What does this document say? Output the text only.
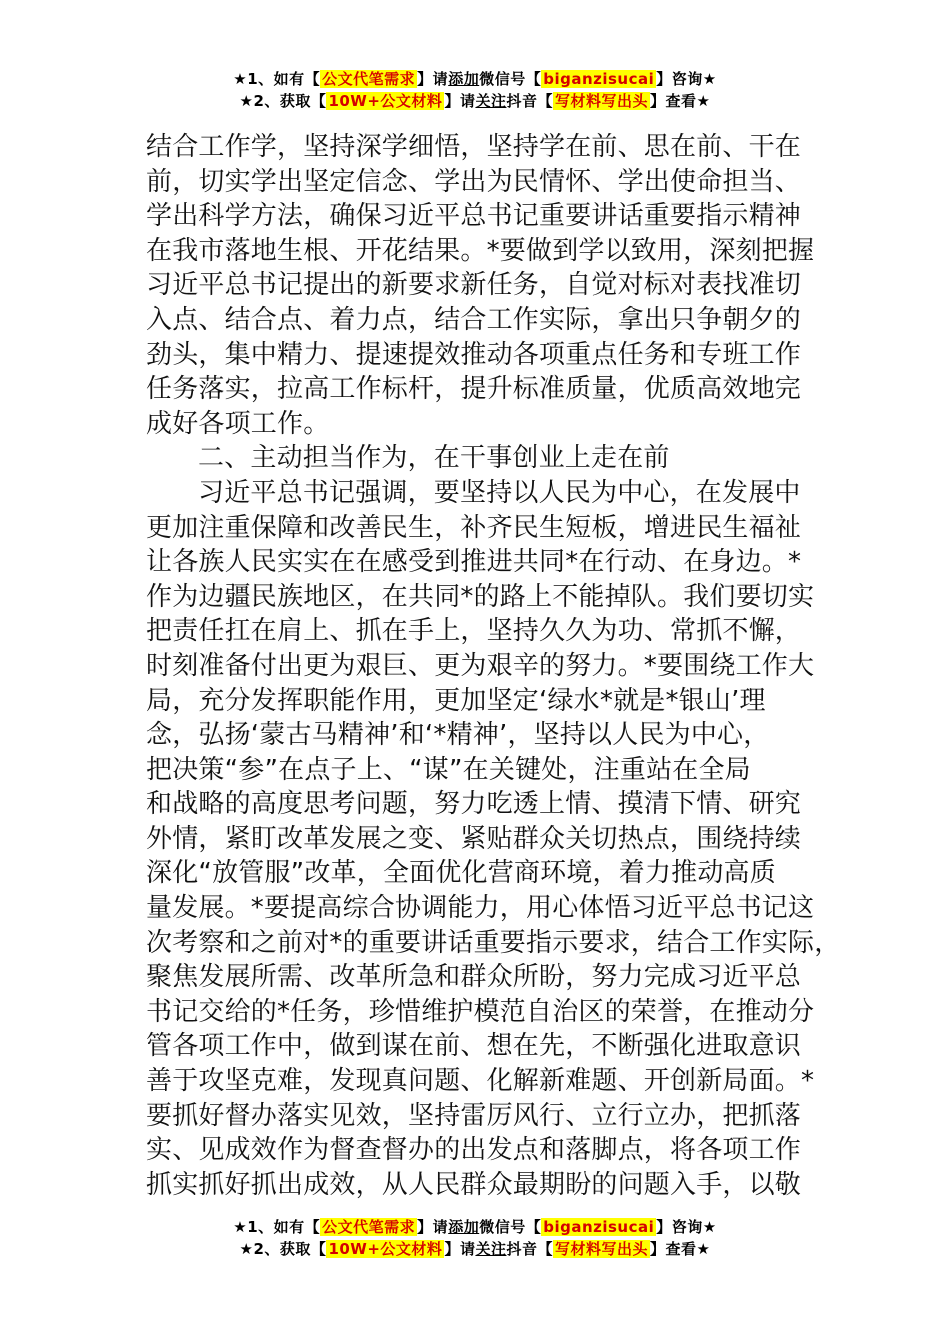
★1、如有【 公文代笔需求 】请添加微信号【 biganzisucai 】咨询★
★2、获取【 10W+公文材料 】请关注抖音【 写材料写出头 】查看★
结合工作学，坚持深学细悟，坚持学在前、思在前、干在
前，切实学出坚定信念、学出为民情怀、学出使命担当、
学出科学方法，确保习近平总书记重要讲话重要指示精神
在我市落地生根、开花结果。*要做到学以致用，深刻把握
习近平总书记提出的新要求新任务，自觉对标对表找准切
入点、结合点、着力点，结合工作实际，拿出只争朝夕的
劲头，集中精力、提速提效推动各项重点任务和专班工作
任务落实，拉高工作标杆，提升标准质量，优质高效地完
成好各项工作。
二、主动担当作为，在干事创业上走在前
习近平总书记强调，要坚持以人民为中心，在发展中
更加注重保障和改善民生，补齐民生短板，增进民生福祉
让各族人民实实在在感受到推进共同*在行动、在身边。*
作为边疆民族地区，在共同*的路上不能掉队。我们要切实
把责任扛在肩上、抓在手上，坚持久久为功、常抓不懈，
时刻准备付出更为艰巨、更为艰辛的努力。*要围绕工作大
局，充分发挥职能作用，更加坚定‘绿水*就是*银山’理
念，弘扬‘蒙古马精神’和‘*精神’，坚持以人民为中心，
把决策“参”在点子上、“谋”在关键处，注重站在全局
和战略的高度思考问题，努力吃透上情、摸清下情、研究
外情，紧盯改革发展之变、紧贴群众关切热点，围绕持续
深化“放管服”改革，全面优化营商环境，着力推动高质
量发展。*要提高综合协调能力，用心体悟习近平总书记这
次考察和之前对*的重要讲话重要指示要求，结合工作实际，
聚焦发展所需、改革所急和群众所盼，努力完成习近平总
书记交给的*任务，珍惜维护模范自治区的荣誉，在推动分
管各项工作中，做到谋在前、想在先，不断强化进取意识
善于攻坚克难，发现真问题、化解新难题、开创新局面。*
要抓好督办落实见效，坚持雷厉风行、立行立办，把抓落
实、见成效作为督查督办的出发点和落脚点，将各项工作
抓实抓好抓出成效，从人民群众最期盼的问题入手，以敬
★1、如有【 公文代笔需求 】请添加微信号【 biganzisucai 】咨询★
★2、获取【 10W+公文材料 】请关注抖音【 写材料写出头 】查看★
